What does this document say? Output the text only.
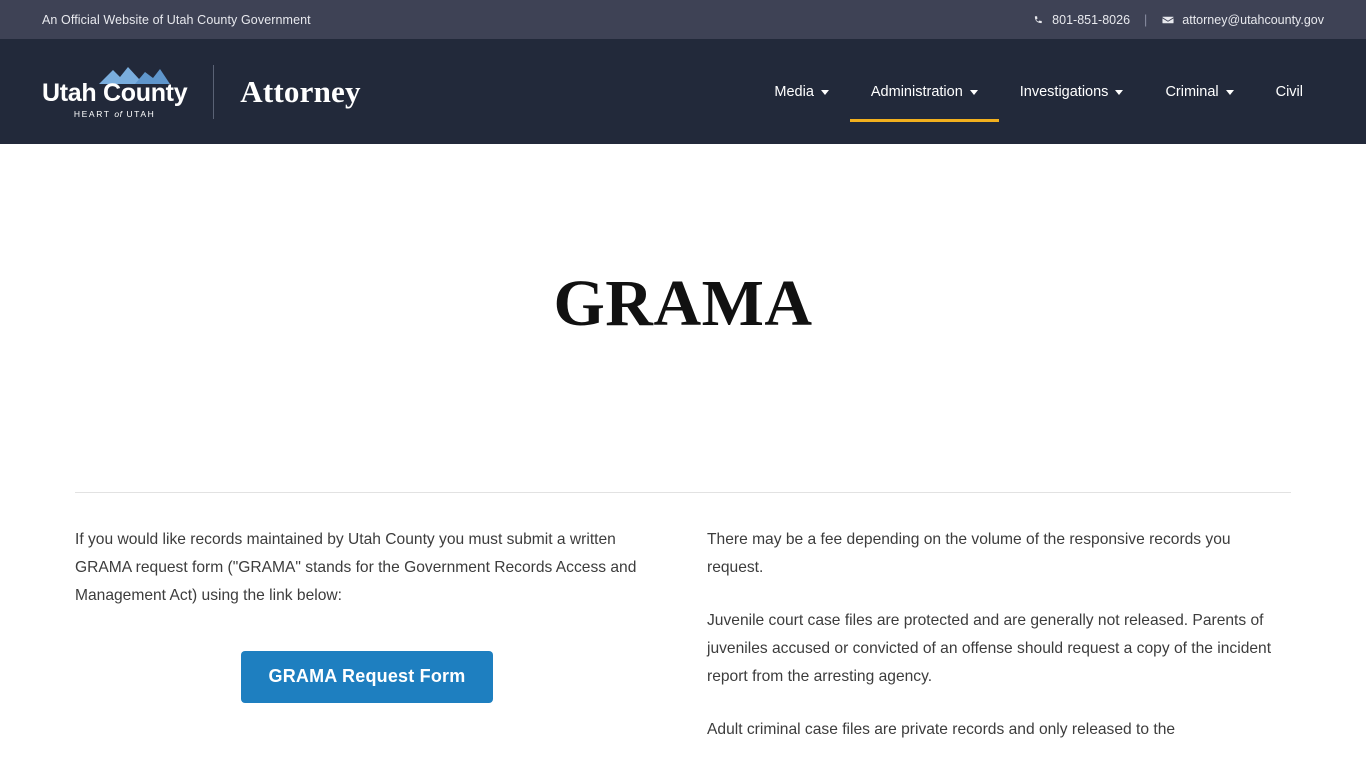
An Official Website of Utah County Government	801-851-8026 |	attorney@utahcounty.gov
Utah County
HEART of UTAH
Attorney	Media	Administration	Investigations	Criminal	Civil
GRAMA

If you would like records maintained by Utah County you must submit a written GRAMA request form ("GRAMA" stands for the Government Records Access and Management Act) using the link below:

GRAMA Request Form

There may be a fee depending on the volume of the responsive records you request.

Juvenile court case files are protected and are generally not released. Parents of juveniles accused or convicted of an offense should request a copy of the incident report from the arresting agency.

Adult criminal case files are private records and only released to the
